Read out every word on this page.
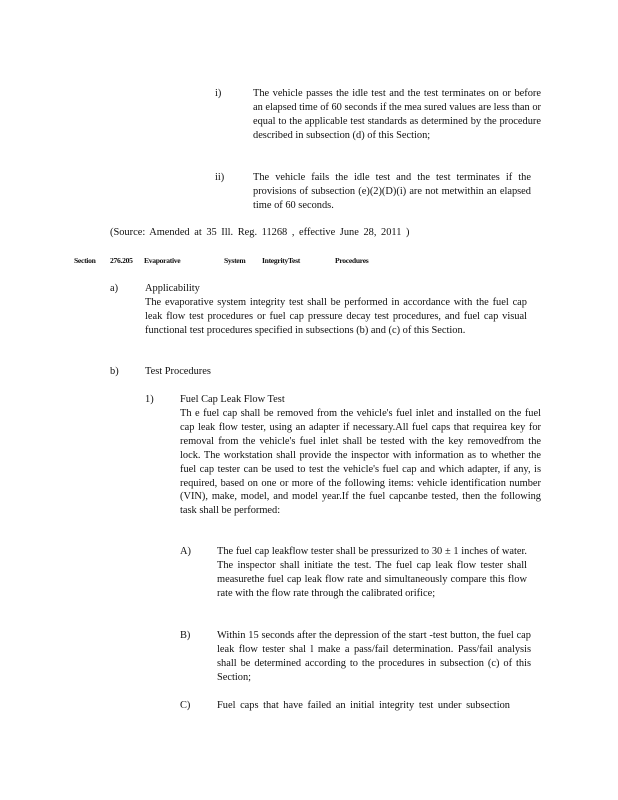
i)	The vehicle passes the idle test and the test terminates on or before an elapsed time of 60 seconds if the mea sured values are less than or equal to the applicable test standards as determined by the procedure described in subsection (d) of this Section;
ii)	The vehicle fails the idle test and the test terminates if the provisions of subsection (e)(2)(D)(i) are not metwithin an elapsed time of 60 seconds.
(Source: Amended at 35 Ill. Reg. 11268 , effective June 28, 2011 )
Section 276.205 Evaporative	System IntegrityTest	Procedures
a)	Applicability
The evaporative system integrity test shall be performed in accordance with the fuel cap leak flow test procedures or fuel cap pressure decay test procedures, and fuel cap visual functional test procedures specified in subsections (b) and (c) of this Section.
b)	Test Procedures
1)	Fuel Cap Leak Flow Test
Th e fuel cap shall be removed from the vehicle's fuel inlet and installed on the fuel cap leak flow tester, using an adapter if necessary.All fuel caps that requirea key for removal from the vehicle's fuel inlet shall be tested with the key removedfrom the lock. The workstation shall provide the inspector with information as to whether the fuel cap tester can be used to test the vehicle's fuel cap and which adapter, if any, is required, based on one or more of the following items: vehicle identification number (VIN), make, model, and model year.If the fuel capcanbe tested, then the following task shall be performed:
A)	The fuel cap leakflow tester shall be pressurized to 30 ± 1 inches of water. The inspector shall initiate the test. The fuel cap leak flow tester shall measurethe fuel cap leak flow rate and simultaneously compare this flow rate with the flow rate through the calibrated orifice;
B)	Within 15 seconds after the depression of the start -test button, the fuel cap leak flow tester shal l make a pass/fail determination. Pass/fail analysis shall be determined according to the procedures in subsection (c) of this Section;
C)	Fuel caps that have failed an initial integrity test under subsection
